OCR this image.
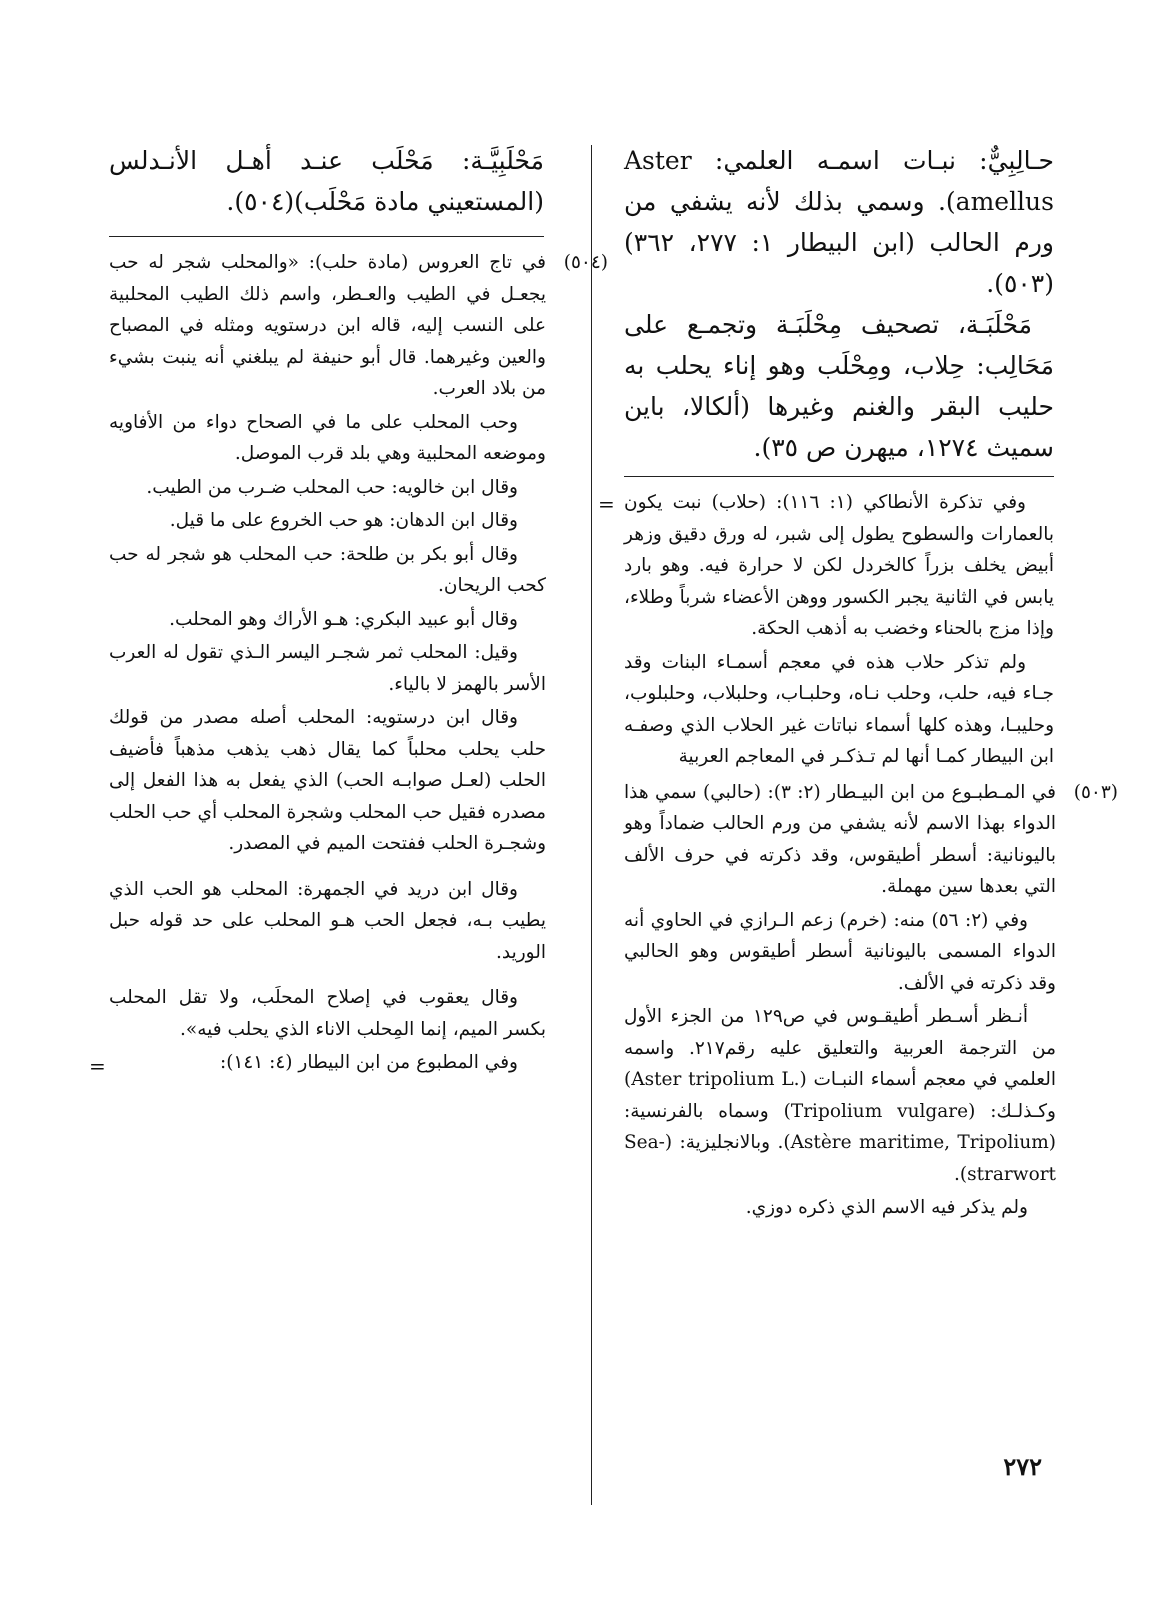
حـالِبِيٌّ: نبـات اسمـه العلمي: Aster (amellus. وسمي بذلك لأنه يشفي من ورم الحالب (ابن البيطار ١: ٢٧٧، ٣٦٢)(٥٠٣).

مَحْلَبَـة، تصحيف مِحْلَبَـة وتجمـع على مَحَالِب: حِلاب، ومِحْلَب وهو إناء يحلب به حليب البقر والغنم وغيرها (ألكالا، باين سميث ١٢٧٤، ميهرن ص ٣٥).

= وفي تذكرة الأنطاكي (١: ١١٦): (حلاب) نبت يكون بالعمارات والسطوح يطول إلى شبر، له ورق دقيق وزهر أبيض يخلف بزراً كالخردل لكن لا حرارة فيه. وهو بارد يابس في الثانية يجبر الكسور ووهن الأعضاء شرباً وطلاء، وإذا مزج بالحناء وخضب به أذهب الحكة.

ولم تذكر حلاب هذه في معجم أسمـاء البنات وقد جـاء فيه، حلب، وحلب نـاه، وحلبـاب، وحلبلاب، وحلبلوب، وحليبـا، وهذه كلها أسماء نباتات غير الحلاب الذي وصفـه ابن البيطار كمـا أنها لم تـذكـر في المعاجم العربية

(٥٠٣)

في المـطبـوع من ابن البيـطار (٢: ٣): (حالبي) سمي هذا الدواء بهذا الاسم لأنه يشفي من ورم الحالب ضماداً وهو باليونانية: أسطر أطيقوس، وقد ذكرته في حرف الألف التي بعدها سين مهملة.

وفي (٢: ٥٦) منه: (خرم) زعم الـرازي في الحاوي أنه الدواء المسمى باليونانية أسطر أطيقوس وهو الحالبي وقد ذكرته في الألف.

أنـظر أسـطر أطيقـوس في ص١٢٩ من الجزء الأول من الترجمة العربية والتعليق عليه رقم٢١٧. واسمه العلمي في معجم أسماء النبـات (.Aster tripolium L) وكـذلـك: (Tripolium vulgare) وسماه بالفرنسية: (Astère maritime, Tripolium). وبالانجليزية: (Sea-strarwort).

ولم يذكر فيه الاسم الذي ذكره دوزي.

مَحْلَبِيَّـة: مَحْلَب عنـد أهـل الأنـدلس (المستعيني مادة مَحْلَب)(٥٠٤).

(٥٠٤)

في تاج العروس (مادة حلب): «والمحلب شجر له حب يجعـل في الطيب والعـطر، واسم ذلك الطيب المحلبية على النسب إليه، قاله ابن درستويه ومثله في المصباح والعين وغيرهما. قال أبو حنيفة لم يبلغني أنه ينبت بشيء من بلاد العرب.

وحب المحلب على ما في الصحاح دواء من الأفاويه وموضعه المحلبية وهي بلد قرب الموصل.

وقال ابن خالويه: حب المحلب ضـرب من الطيب.

وقال ابن الدهان: هو حب الخروع على ما قيل.

وقال أبو بكر بن طلحة: حب المحلب هو شجر له حب كحب الريحان.

وقال أبو عبيد البكري: هـو الأراك وهو المحلب.

وقيل: المحلب ثمر شجـر اليسر الـذي تقول له العرب الأسر بالهمز لا بالياء.

وقال ابن درستويه: المحلب أصله مصدر من قولك حلب يحلب محلباً كما يقال ذهب يذهب مذهباً فأضيف الحلب (لعـل صوابـه الحب) الذي يفعل به هذا الفعل إلى مصدره فقيل حب المحلب وشجرة المحلب أي حب الحلب وشجـرة الحلب ففتحت الميم في المصدر.

وقال ابن دريد في الجمهرة: المحلب هو الحب الذي يطيب بـه، فجعل الحب هـو المحلب على حد قوله حبل الوريد.

وقال يعقوب في إصلاح المحلَب، ولا تقل المحلب بكسر الميم، إنما المِحلب الاناء الذي يحلب فيه».

وفي المطبوع من ابن البيطار (٤: ١٤١):
=

٢٧٢
